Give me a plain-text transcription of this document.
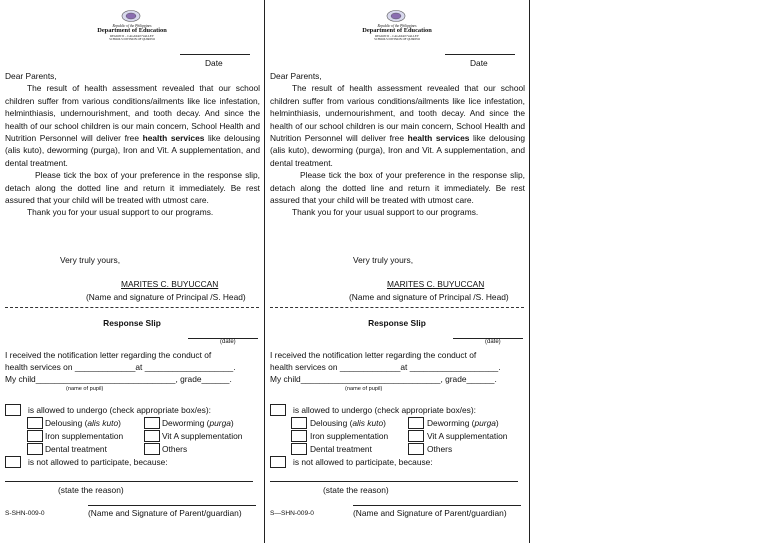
Republic of the Philippines
Department of Education
REGION II – CAGAYAN VALLEY
SCHOOLS DIVISION OF QUIRINO
Date

Dear Parents,

The result of health assessment revealed that our school children suffer from various conditions/ailments like lice infestation, helminthiasis, undernourishment, and tooth decay. And since the health of our school children is our main concern, School Health and Nutrition Personnel will deliver free health services like delousing (alis kuto), deworming (purga), Iron and Vit. A supplementation, and dental treatment.

Please tick the box of your preference in the response slip, detach along the dotted line and return it immediately. Be rest assured that your child will be treated with utmost care.

Thank you for your usual support to our programs.

Very truly yours,
MARITES C. BUYUCCAN
(Name and signature of Principal /S. Head)
Response Slip
(date)
I received the notification letter regarding the conduct of
health services on _____________at ___________________.
My child______________________________, grade______.
(name of pupil)
is allowed to undergo (check appropriate box/es):
Delousing (alis kuto)	Deworming (purga)
Iron supplementation	Vit A supplementation
Dental treatment	Others
is not allowed to participate, because:
(state the reason)
S-SHN-009-0	(Name and Signature of Parent/guardian)
Republic of the Philippines
Department of Education
REGION II – CAGAYAN VALLEY
SCHOOLS DIVISION OF QUIRINO
Date

Dear Parents,

The result of health assessment revealed that our school children suffer from various conditions/ailments like lice infestation, helminthiasis, undernourishment, and tooth decay. And since the health of our school children is our main concern, School Health and Nutrition Personnel will deliver free health services like delousing (alis kuto), deworming (purga), Iron and Vit. A supplementation, and dental treatment.

Please tick the box of your preference in the response slip, detach along the dotted line and return it immediately. Be rest assured that your child will be treated with utmost care.

Thank you for your usual support to our programs.

Very truly yours,
MARITES C. BUYUCCAN
(Name and signature of Principal /S. Head)
Response Slip
(date)
I received the notification letter regarding the conduct of
health services on _____________at ___________________.
My child______________________________, grade______.
(name of pupil)
is allowed to undergo (check appropriate box/es):
Delousing (alis kuto)	Deworming (purga)
Iron supplementation	Vit A supplementation
Dental treatment	Others
is not allowed to participate, because:
(state the reason)
S—SHN-009-0	(Name and Signature of Parent/guardian)
